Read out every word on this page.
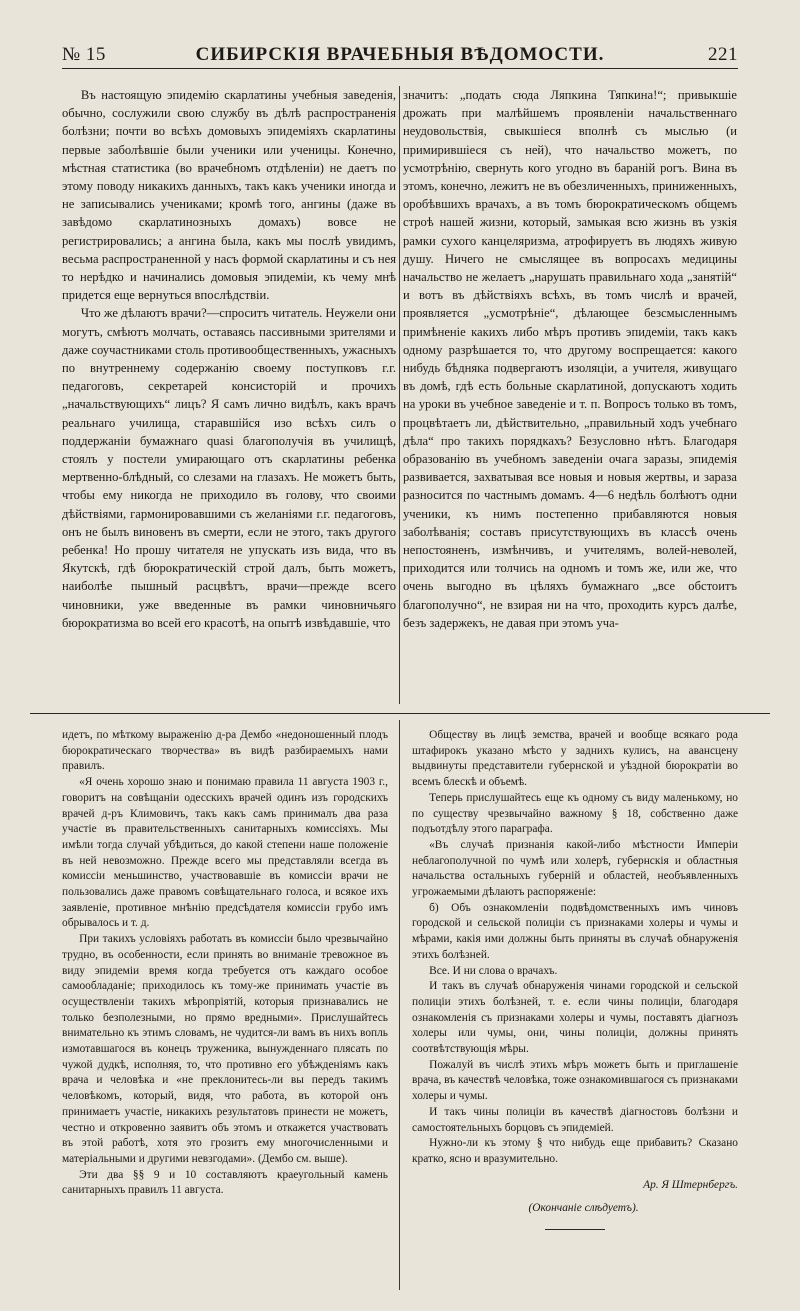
№ 15	СИБИРСКІЯ ВРАЧЕБНЫЯ ВѢДОМОСТИ.	221

Въ настоящую эпидемію скарлатины учебныя заведенія, обычно, сослужили свою службу въ дѣлѣ распространенія болѣзни; почти во всѣхъ домовыхъ эпидеміяхъ скарлатины первые заболѣвшіе были ученики или ученицы. Конечно, мѣстная статистика (во врачебномъ отдѣленіи) не даетъ по этому поводу никакихъ данныхъ, такъ какъ ученики иногда и не записывались учениками; кромѣ того, ангины (даже въ завѣдомо скарлатинозныхъ домахъ) вовсе не регистрировались; а ангина была, какъ мы послѣ увидимъ, весьма распространенной у насъ формой скарлатины и съ нея то нерѣдко и начинались домовыя эпидеміи, къ чему мнѣ придется еще вернуться впослѣдствіи.

Что же дѣлаютъ врачи?—спроситъ читатель. Неужели они могутъ, смѣютъ молчать, оставаясь пассивными зрителями и даже соучастниками столь противообщественныхъ, ужасныхъ по внутреннему содержанію своему поступковъ г.г. педагоговъ, секретарей консисторій и прочихъ „начальствующихъ“ лицъ? Я самъ лично видѣлъ, какъ врачъ реальнаго училища, старавшійся изо всѣхъ силъ о поддержаніи бумажнаго quasi благополучія въ училищѣ, стоялъ у постели умирающаго отъ скарлатины ребенка мертвенно-блѣдный, со слезами на глазахъ. Не можетъ быть, чтобы ему никогда не приходило въ голову, что своими дѣйствіями, гармонировавшими съ желаніями г.г. педагоговъ, онъ не былъ виновенъ въ смерти, если не этого, такъ другого ребенка! Но прошу читателя не упускать изъ вида, что въ Якутскѣ, гдѣ бюрократическій строй далъ, быть можетъ, наиболѣе пышный расцвѣтъ, врачи—прежде всего чиновники, уже введенные въ рамки чиновничьяго бюрократизма во всей его красотѣ, на опытѣ извѣдавшіе, что

значитъ: „подать сюда Ляпкина Тяпкина!“; привыкшіе дрожать при малѣйшемъ проявленіи начальственнаго неудовольствія, свыкшіеся вполнѣ съ мыслью (и примирившіеся съ ней), что начальство можетъ, по усмотрѣнію, свернуть кого угодно въ бараній рогъ. Вина въ этомъ, конечно, лежитъ не въ обезличенныхъ, приниженныхъ, оробѣвшихъ врачахъ, а въ томъ бюрократическомъ общемъ строѣ нашей жизни, который, замыкая всю жизнь въ узкія рамки сухого канцеляризма, атрофируетъ въ людяхъ живую душу. Ничего не смыслящее въ вопросахъ медицины начальство не желаетъ „нарушать правильнаго хода „занятій“ и вотъ въ дѣйствіяхъ всѣхъ, въ томъ числѣ и врачей, проявляется „усмотрѣніе“, дѣлающее безсмысленнымъ примѣненіе какихъ либо мѣръ противъ эпидеміи, такъ какъ одному разрѣшается то, что другому воспрещается: какого нибудь бѣдняка подвергаютъ изоляціи, а учителя, живущаго въ домѣ, гдѣ есть больные скарлатиной, допускаютъ ходить на уроки въ учебное заведеніе и т. п. Вопросъ только въ томъ, процвѣтаетъ ли, дѣйствительно, „правильный ходъ учебнаго дѣла“ про такихъ порядкахъ? Безусловно нѣтъ. Благодаря образованію въ учебномъ заведеніи очага заразы, эпидемія развивается, захватывая все новыя и новыя жертвы, и зараза разносится по частнымъ домамъ. 4—6 недѣль болѣютъ одни ученики, къ нимъ постепенно прибавляются новыя заболѣванія; составъ присутствующихъ въ классѣ очень непостояненъ, измѣнчивъ, и учителямъ, волей-неволей, приходится или толчись на одномъ и томъ же, или же, что очень выгодно въ цѣляхъ бумажнаго „все обстоитъ благополучно“, не взирая ни на что, проходить курсъ далѣе, безъ задержекъ, не давая при этомъ уча-

идетъ, по мѣткому выраженію д-ра Дембо «недоношенный плодъ бюрократическаго творчества» въ видѣ разбираемыхъ нами правилъ.

«Я очень хорошо знаю и понимаю правила 11 августа 1903 г., говоритъ на совѣщаніи одесскихъ врачей одинъ изъ городскихъ врачей д-ръ Климовичъ, такъ какъ самъ принималъ два раза участіе въ правительственныхъ санитарныхъ комиссіяхъ. Мы имѣли тогда случай убѣдиться, до какой степени наше положеніе въ ней невозможно. Прежде всего мы представляли всегда въ комиссіи меньшинство, участвовавшіе въ комиссіи врачи не пользовались даже правомъ совѣщательнаго голоса, и всякое ихъ заявленіе, противное мнѣнію предсѣдателя комиссіи грубо имъ обрывалось и т. д.

При такихъ условіяхъ работать въ комиссіи было чрезвычайно трудно, въ особенности, если принять во вниманіе тревожное въ виду эпидеміи время когда требуется отъ каждаго особое самообладаніе; приходилось къ тому-же принимать участіе въ осуществленіи такихъ мѣропріятій, которыя признавались не только безполезными, но прямо вредными». Прислушайтесь внимательно къ этимъ словамъ, не чудится-ли вамъ въ нихъ вопль измотавшагося въ конецъ труженика, вынужденнаго плясать по чужой дудкѣ, исполняя, то, что противно его убѣжденіямъ какъ врача и человѣка и «не преклонитесь-ли вы передъ такимъ человѣкомъ, который, видя, что работа, въ которой онъ принимаетъ участіе, никакихъ результатовъ принести не можетъ, честно и откровенно заявитъ объ этомъ и откажется участвовать въ этой работѣ, хотя это грозитъ ему многочисленными и матеріальными и другими невзгодами». (Дембо см. выше).

Эти два §§ 9 и 10 составляютъ краеугольный камень санитарныхъ правилъ 11 августа.

Обществу въ лицѣ земства, врачей и вообще всякаго рода штафирокъ указано мѣсто у заднихъ кулисъ, на авансцену выдвинуты представители губернской и уѣздной бюрократіи во всемъ блескѣ и объемѣ.

Теперь прислушайтесь еще къ одному съ виду маленькому, но по существу чрезвычайно важному § 18, собственно даже подъотдѣлу этого параграфа.

«Въ случаѣ признанія какой-либо мѣстности Имперіи неблагополучной по чумѣ или холерѣ, губернскія и областныя начальства остальныхъ губерній и областей, необъявленныхъ угрожаемыми дѣлаютъ распоряженіе:

б) Объ ознакомленіи подвѣдомственныхъ имъ чиновъ городской и сельской полиціи съ признаками холеры и чумы и мѣрами, какія ими должны быть приняты въ случаѣ обнаруженія этихъ болѣзней.

Все. И ни слова о врачахъ.

И такъ въ случаѣ обнаруженія чинами городской и сельской полиціи этихъ болѣзней, т. е. если чины полиціи, благодаря ознакомленія съ признаками холеры и чумы, поставятъ діагнозъ холеры или чумы, они, чины полиціи, должны принять соотвѣтствующія мѣры.

Пожалуй въ числѣ этихъ мѣръ можетъ быть и приглашеніе врача, въ качествѣ человѣка, тоже ознакомившагося съ признаками холеры и чумы.

И такъ чины полиціи въ качествѣ діагностовъ болѣзни и самостоятельныхъ борцовъ съ эпидеміей.

Нужно-ли къ этому § что нибудь еще прибавить? Сказано кратко, ясно и вразумительно.

Ар. Я Штернбергъ.

(Окончаніе слѣдуетъ).
